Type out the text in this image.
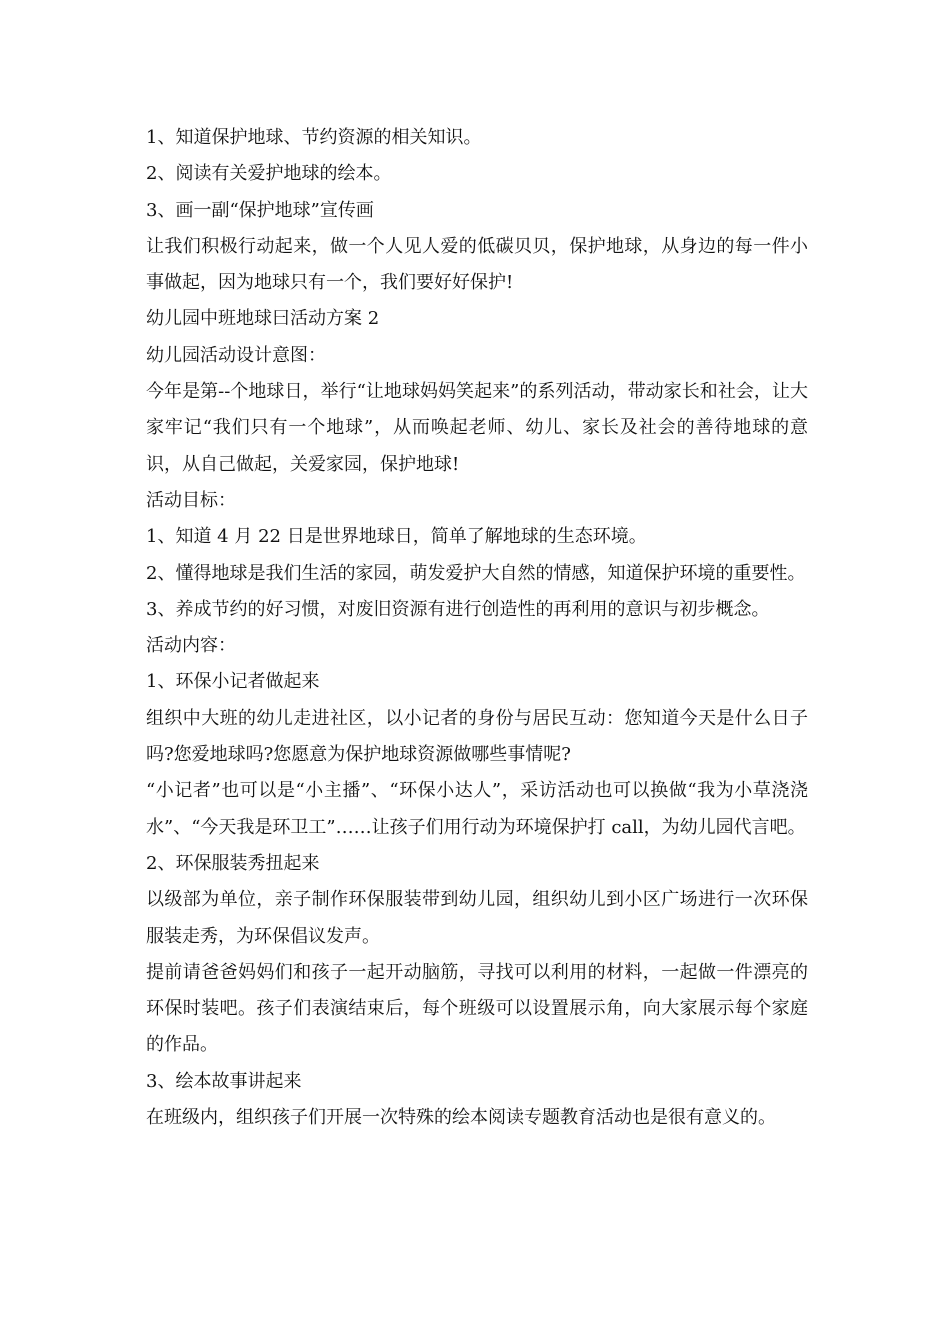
1、知道保护地球、节约资源的相关知识。

2、阅读有关爱护地球的绘本。

3、画一副“保护地球”宣传画

让我们积极行动起来，做一个人见人爱的低碳贝贝，保护地球，从身边的每一件小事做起，因为地球只有一个，我们要好好保护!

幼儿园中班地球曰活动方案 2

幼儿园活动设计意图：

今年是第--个地球日，举行“让地球妈妈笑起来”的系列活动，带动家长和社会，让大家牢记“我们只有一个地球”，从而唤起老师、幼儿、家长及社会的善待地球的意识，从自己做起，关爱家园，保护地球!

活动目标：

1、知道 4 月 22 日是世界地球日，简单了解地球的生态环境。

2、懂得地球是我们生活的家园，萌发爱护大自然的情感，知道保护环境的重要性。

3、养成节约的好习惯，对废旧资源有进行创造性的再利用的意识与初步概念。

活动内容：

1、环保小记者做起来

组织中大班的幼儿走进社区，以小记者的身份与居民互动：您知道今天是什么日子吗?您爱地球吗?您愿意为保护地球资源做哪些事情呢?

“小记者”也可以是“小主播”、“环保小达人”，采访活动也可以换做“我为小草浇浇水”、“今天我是环卫工”……让孩子们用行动为环境保护打 call，为幼儿园代言吧。

2、环保服装秀扭起来

以级部为单位，亲子制作环保服装带到幼儿园，组织幼儿到小区广场进行一次环保服装走秀，为环保倡议发声。

提前请爸爸妈妈们和孩子一起开动脑筋，寻找可以利用的材料，一起做一件漂亮的环保时装吧。孩子们表演结束后，每个班级可以设置展示角，向大家展示每个家庭的作品。

3、绘本故事讲起来

在班级内，组织孩子们开展一次特殊的绘本阅读专题教育活动也是很有意义的。
